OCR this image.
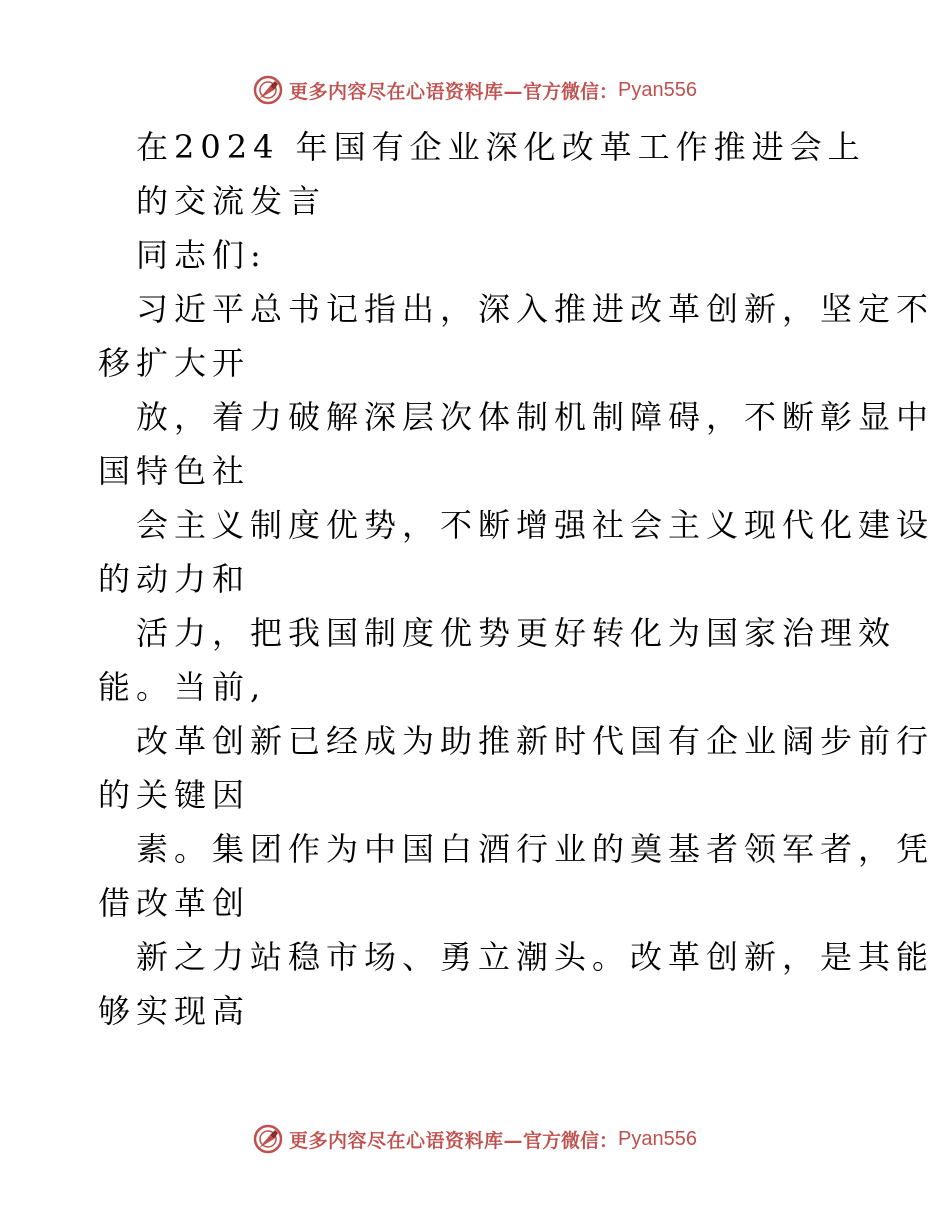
更多内容尽在心语资料库— 官方微信： Pyan556
在2024 年国有企业深化改革工作推进会上
的交流发言
同志们:
习近平总书记指出，深入推进改革创新，坚定不
移扩大开
放，着力破解深层次体制机制障碍，不断彰显中
国特色社
会主义制度优势，不断增强社会主义现代化建设
的动力和
活力，把我国制度优势更好转化为国家治理效
能。当前,
改革创新已经成为助推新时代国有企业阔步前行
的关键因
素。集团作为中国白酒行业的奠基者领军者，凭
借改革创
新之力站稳市场、勇立潮头。改革创新，是其能
够实现高
更多内容尽在心语资料库— 官方微信： Pyan556
